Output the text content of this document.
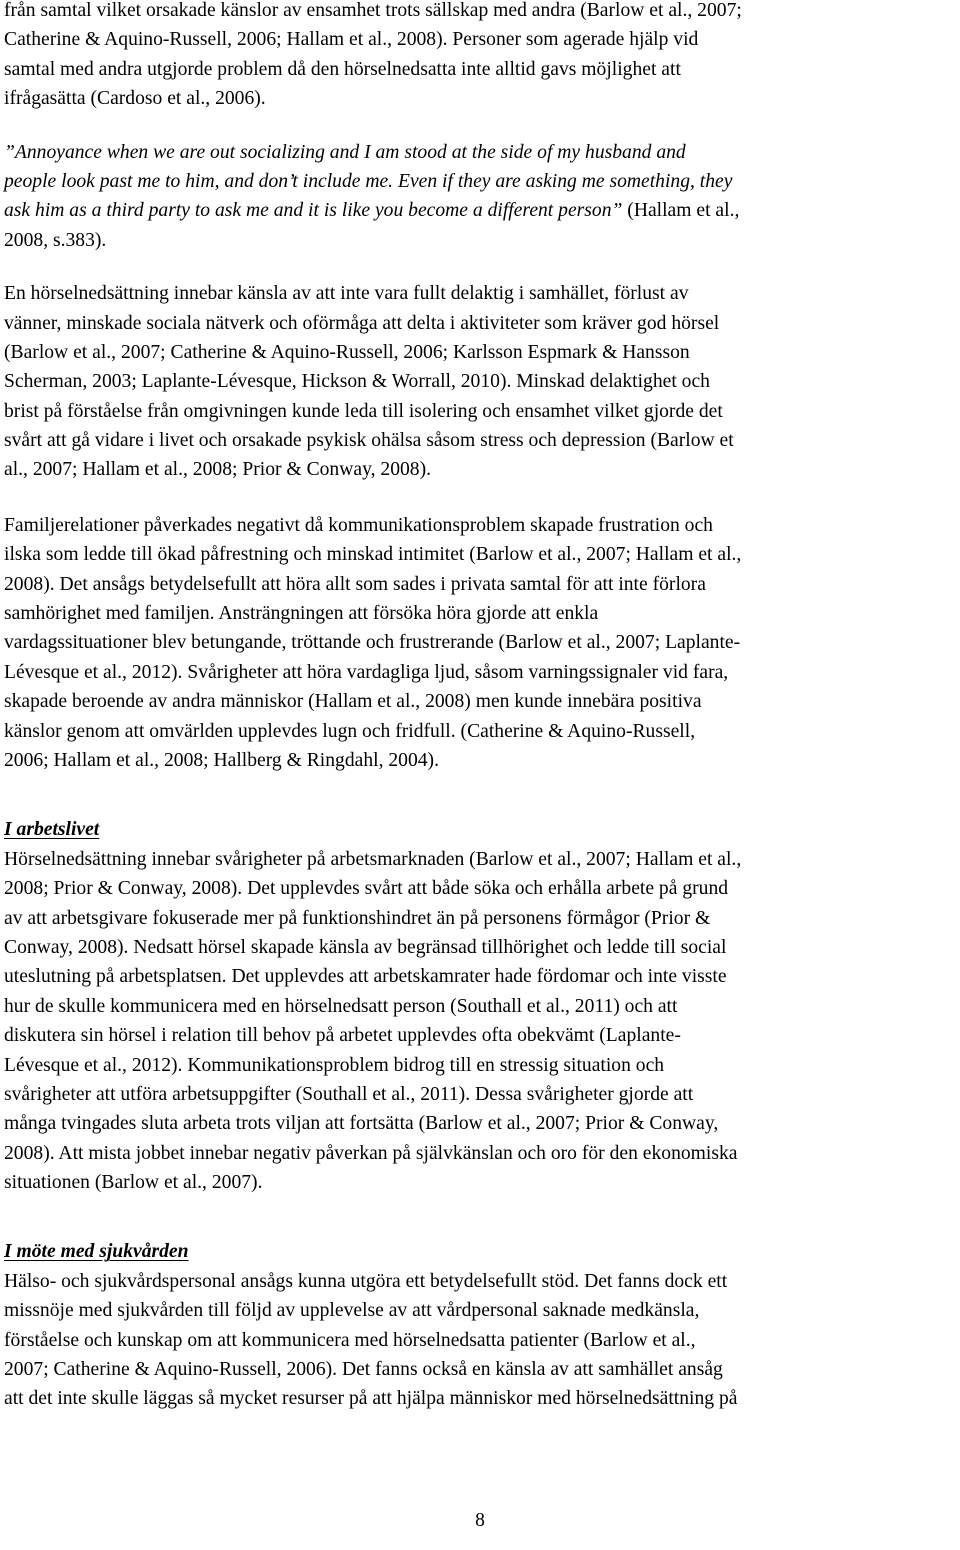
från samtal vilket orsakade känslor av ensamhet trots sällskap med andra (Barlow et al., 2007;
Catherine & Aquino-Russell, 2006; Hallam et al., 2008). Personer som agerade hjälp vid
samtal med andra utgjorde problem då den hörselnedsatta inte alltid gavs möjlighet att
ifrågasätta (Cardoso et al., 2006).

”Annoyance when we are out socializing and I am stood at the side of my husband and
people look past me to him, and don’t include me. Even if they are asking me something, they
ask him as a third party to ask me and it is like you become a different person” (Hallam et al.,
2008, s.383).

En hörselnedsättning innebar känsla av att inte vara fullt delaktig i samhället, förlust av
vänner, minskade sociala nätverk och oförmåga att delta i aktiviteter som kräver god hörsel
(Barlow et al., 2007; Catherine & Aquino-Russell, 2006; Karlsson Espmark & Hansson
Scherman, 2003; Laplante-Lévesque, Hickson & Worrall, 2010). Minskad delaktighet och
brist på förståelse från omgivningen kunde leda till isolering och ensamhet vilket gjorde det
svårt att gå vidare i livet och orsakade psykisk ohälsa såsom stress och depression (Barlow et
al., 2007; Hallam et al., 2008; Prior & Conway, 2008).

Familjerelationer påverkades negativt då kommunikationsproblem skapade frustration och
ilska som ledde till ökad påfrestning och minskad intimitet (Barlow et al., 2007; Hallam et al.,
2008). Det ansågs betydelsefullt att höra allt som sades i privata samtal för att inte förlora
samhörighet med familjen. Ansträngningen att försöka höra gjorde att enkla
vardagssituationer blev betungande, tröttande och frustrerande (Barlow et al., 2007; Laplante-
Lévesque et al., 2012). Svårigheter att höra vardagliga ljud, såsom varningssignaler vid fara,
skapade beroende av andra människor (Hallam et al., 2008) men kunde innebära positiva
känslor genom att omvärlden upplevdes lugn och fridfull. (Catherine & Aquino-Russell,
2006; Hallam et al., 2008; Hallberg & Ringdahl, 2004).

I arbetslivet

Hörselnedsättning innebar svårigheter på arbetsmarknaden (Barlow et al., 2007; Hallam et al.,
2008; Prior & Conway, 2008). Det upplevdes svårt att både söka och erhålla arbete på grund
av att arbetsgivare fokuserade mer på funktionshindret än på personens förmågor (Prior &
Conway, 2008). Nedsatt hörsel skapade känsla av begränsad tillhörighet och ledde till social
uteslutning på arbetsplatsen. Det upplevdes att arbetskamrater hade fördomar och inte visste
hur de skulle kommunicera med en hörselnedsatt person (Southall et al., 2011) och att
diskutera sin hörsel i relation till behov på arbetet upplevdes ofta obekvämt (Laplante-
Lévesque et al., 2012). Kommunikationsproblem bidrog till en stressig situation och
svårigheter att utföra arbetsuppgifter (Southall et al., 2011). Dessa svårigheter gjorde att
många tvingades sluta arbeta trots viljan att fortsätta (Barlow et al., 2007; Prior & Conway,
2008). Att mista jobbet innebar negativ påverkan på självkänslan och oro för den ekonomiska
situationen (Barlow et al., 2007).

I möte med sjukvården

Hälso- och sjukvårdspersonal ansågs kunna utgöra ett betydelsefullt stöd. Det fanns dock ett
missnöje med sjukvården till följd av upplevelse av att vårdpersonal saknade medkänsla,
förståelse och kunskap om att kommunicera med hörselnedsatta patienter (Barlow et al.,
2007; Catherine & Aquino-Russell, 2006). Det fanns också en känsla av att samhället ansåg
att det inte skulle läggas så mycket resurser på att hjälpa människor med hörselnedsättning på

8
